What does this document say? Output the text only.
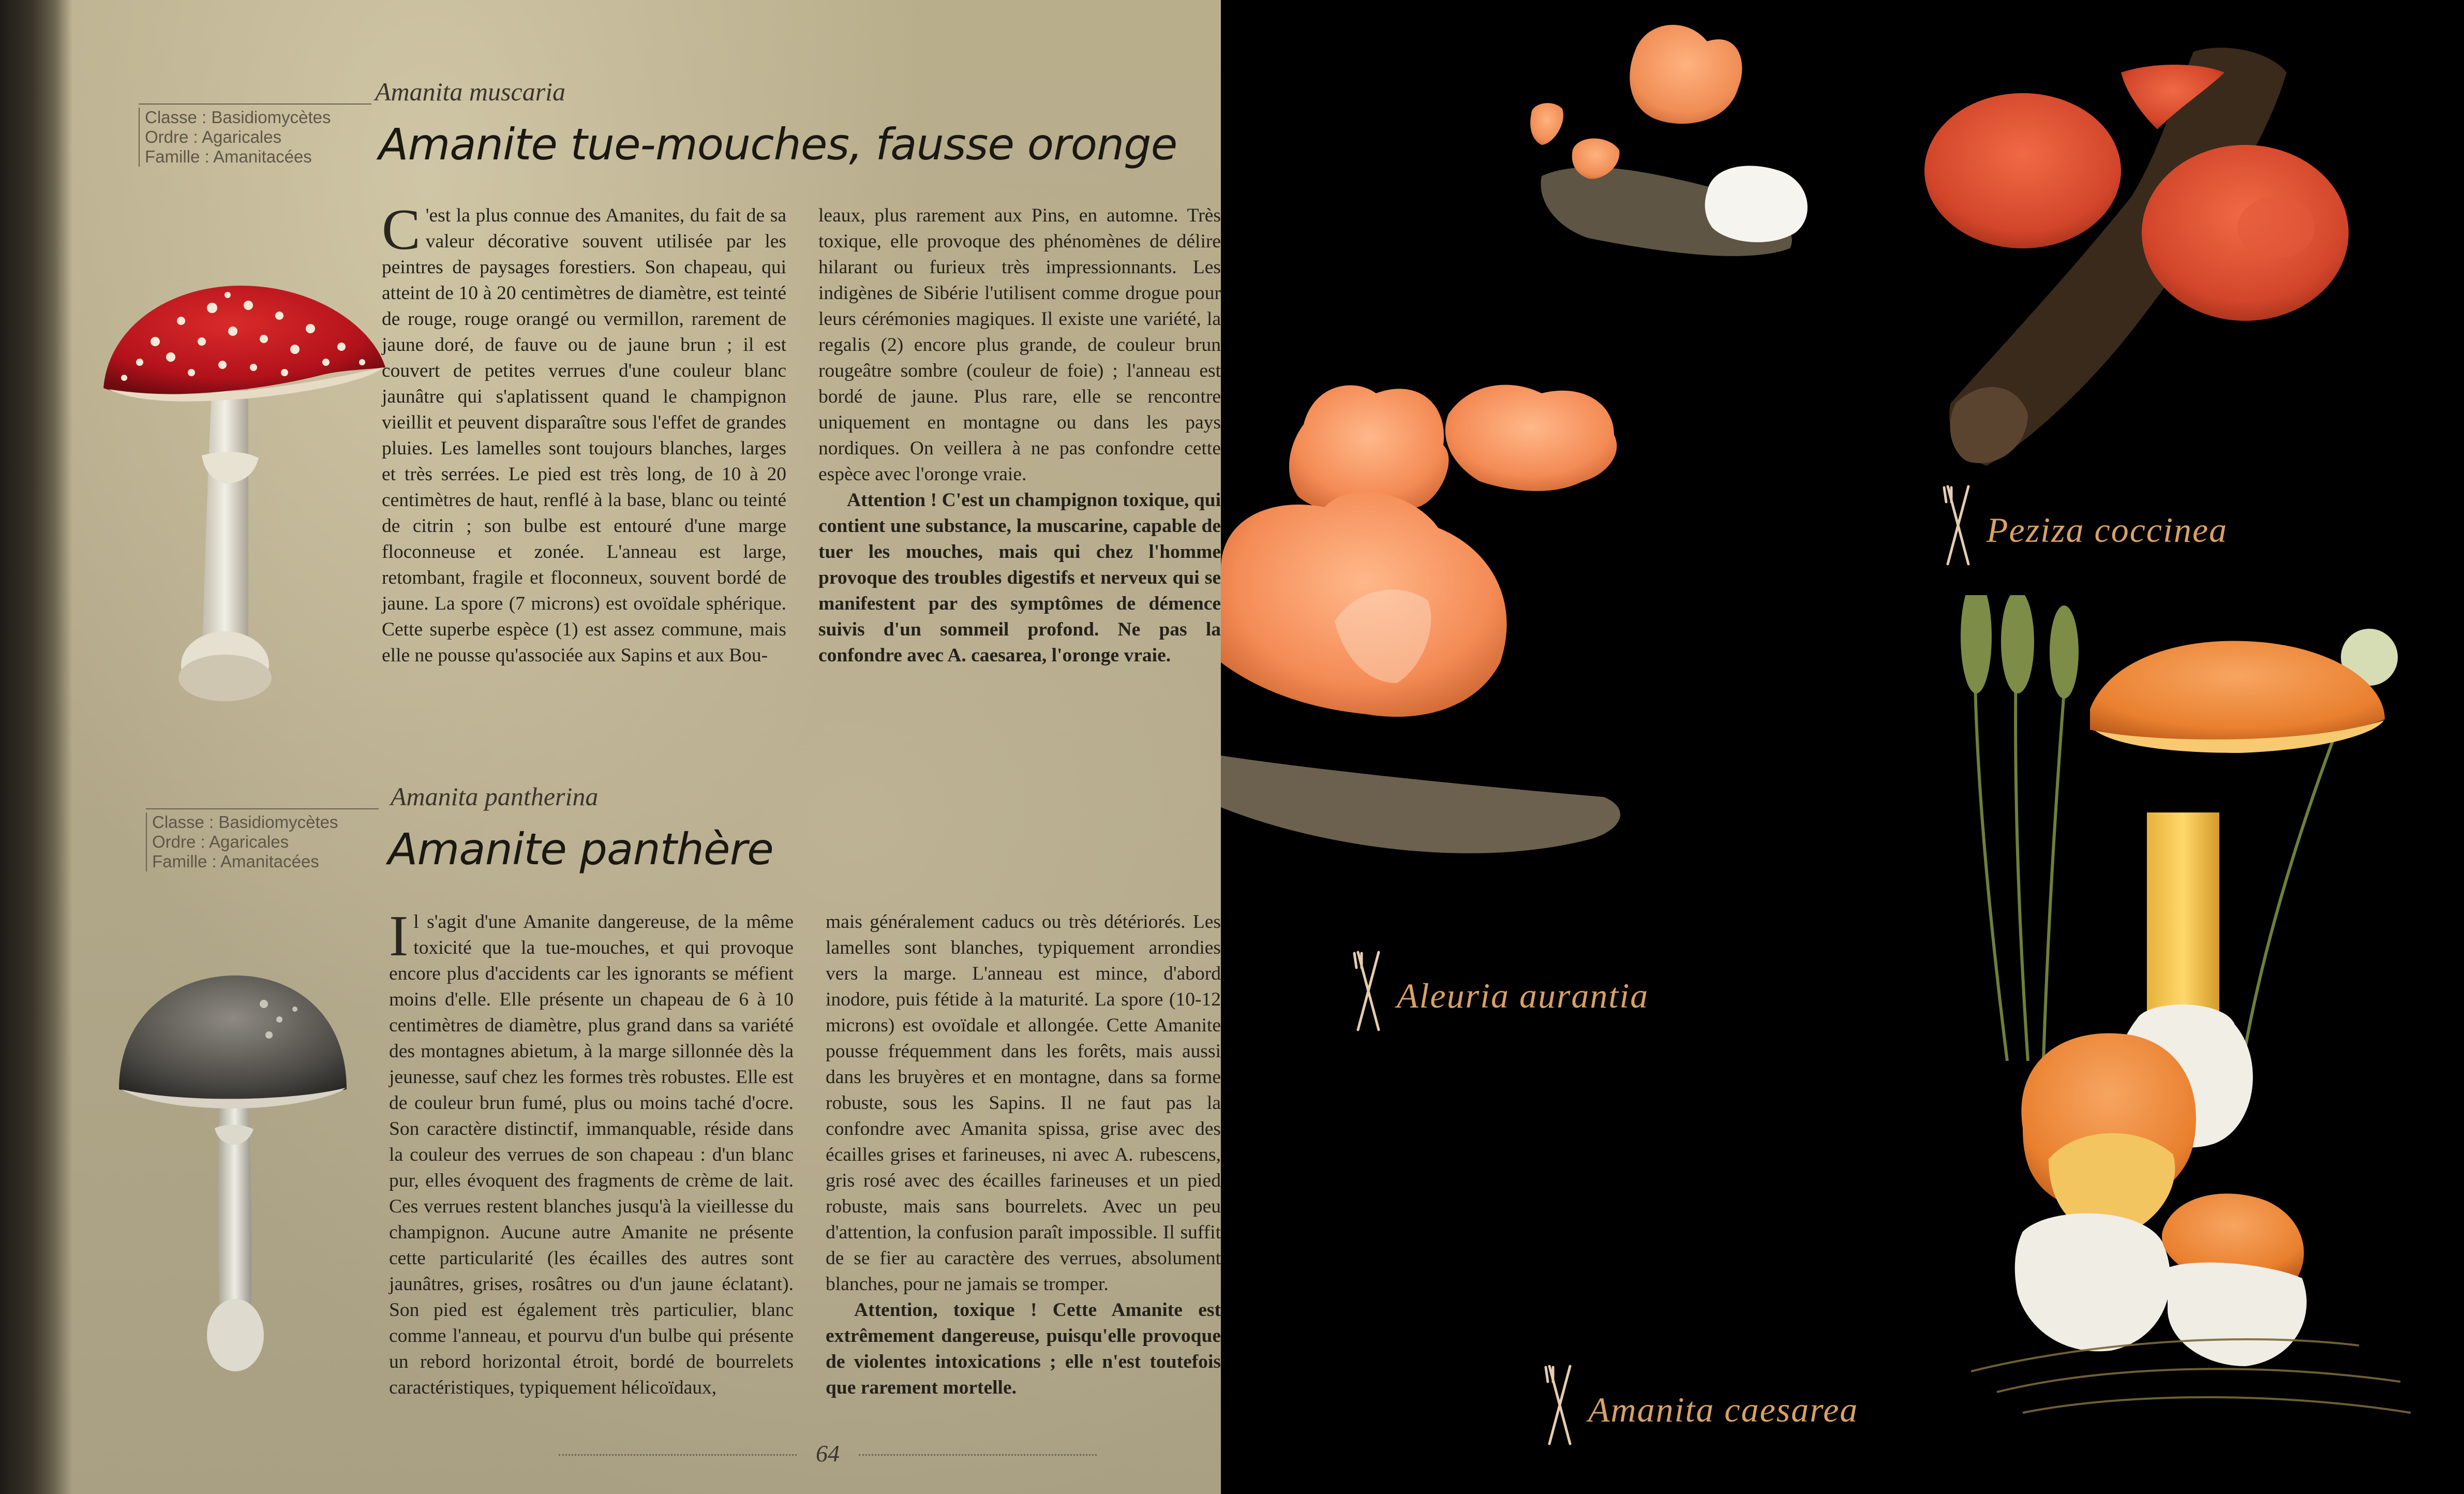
Classe : Basidiomycètes
Ordre : Agaricales
Famille : Amanitacées
Amanita muscaria
Amanite tue-mouches, fausse oronge

C 'est la plus connue des Amanites, du fait de sa valeur décorative souvent utilisée par les peintres de paysages forestiers. Son chapeau, qui atteint de 10 à 20 centimètres de diamètre, est teinté de rouge, rouge orangé ou vermillon, rarement de jaune doré, de fauve ou de jaune brun ; il est couvert de petites verrues d'une couleur blanc jaunâtre qui s'aplatissent quand le champignon vieillit et peuvent disparaître sous l'effet de grandes pluies. Les lamelles sont toujours blanches, larges et très serrées. Le pied est très long, de 10 à 20 centimètres de haut, renflé à la base, blanc ou teinté de citrin ; son bulbe est entouré d'une marge floconneuse et zonée. L'anneau est large, retombant, fragile et floconneux, souvent bordé de jaune. La spore (7 microns) est ovoïdale sphérique. Cette superbe espèce (1) est assez commune, mais elle ne pousse qu'associée aux Sapins et aux Bou-

leaux, plus rarement aux Pins, en automne. Très toxique, elle provoque des phénomènes de délire hilarant ou furieux très impressionnants. Les indigènes de Sibérie l'utilisent comme drogue pour leurs cérémonies magiques. Il existe une variété, la regalis (2) encore plus grande, de couleur brun rougeâtre sombre (couleur de foie) ; l'anneau est bordé de jaune. Plus rare, elle se rencontre uniquement en montagne ou dans les pays nordiques. On veillera à ne pas confondre cette espèce avec l'oronge vraie.

Attention ! C'est un champignon toxique, qui contient une substance, la muscarine, capable de tuer les mouches, mais qui chez l'homme provoque des troubles digestifs et nerveux qui se manifestent par des symptômes de démence suivis d'un sommeil profond. Ne pas la confondre avec A. caesarea, l'oronge vraie.

Classe : Basidiomycètes
Ordre : Agaricales
Famille : Amanitacées
Amanita pantherina
Amanite panthère

Il s'agit d'une Amanite dangereuse, de la même toxicité que la tue-mouches, et qui provoque encore plus d'accidents car les ignorants se méfient moins d'elle. Elle présente un chapeau de 6 à 10 centimètres de diamètre, plus grand dans sa variété des montagnes abietum, à la marge sillonnée dès la jeunesse, sauf chez les formes très robustes. Elle est de couleur brun fumé, plus ou moins taché d'ocre. Son caractère distinctif, immanquable, réside dans la couleur des verrues de son chapeau : d'un blanc pur, elles évoquent des fragments de crème de lait. Ces verrues restent blanches jusqu'à la vieillesse du champignon. Aucune autre Amanite ne présente cette particularité (les écailles des autres sont jaunâtres, grises, rosâtres ou d'un jaune éclatant). Son pied est également très particulier, blanc comme l'anneau, et pourvu d'un bulbe qui présente un rebord horizontal étroit, bordé de bourrelets caractéristiques, typiquement hélicoïdaux,

mais généralement caducs ou très détériorés. Les lamelles sont blanches, typiquement arrondies vers la marge. L'anneau est mince, d'abord inodore, puis fétide à la maturité. La spore (10-12 microns) est ovoïdale et allongée. Cette Amanite pousse fréquemment dans les forêts, mais aussi dans les bruyères et en montagne, dans sa forme robuste, sous les Sapins. Il ne faut pas la confondre avec Amanita spissa, grise avec des écailles grises et farineuses, ni avec A. rubescens, gris rosé avec des écailles farineuses et un pied robuste, mais sans bourrelets. Avec un peu d'attention, la confusion paraît impossible. Il suffit de se fier au caractère des verrues, absolument blanches, pour ne jamais se tromper.

Attention, toxique ! Cette Amanite est extrêmement dangereuse, puisqu'elle provoque de violentes intoxications ; elle n'est toutefois que rarement mortelle.

64
Peziza coccinea
Aleuria aurantia
Amanita caesarea
